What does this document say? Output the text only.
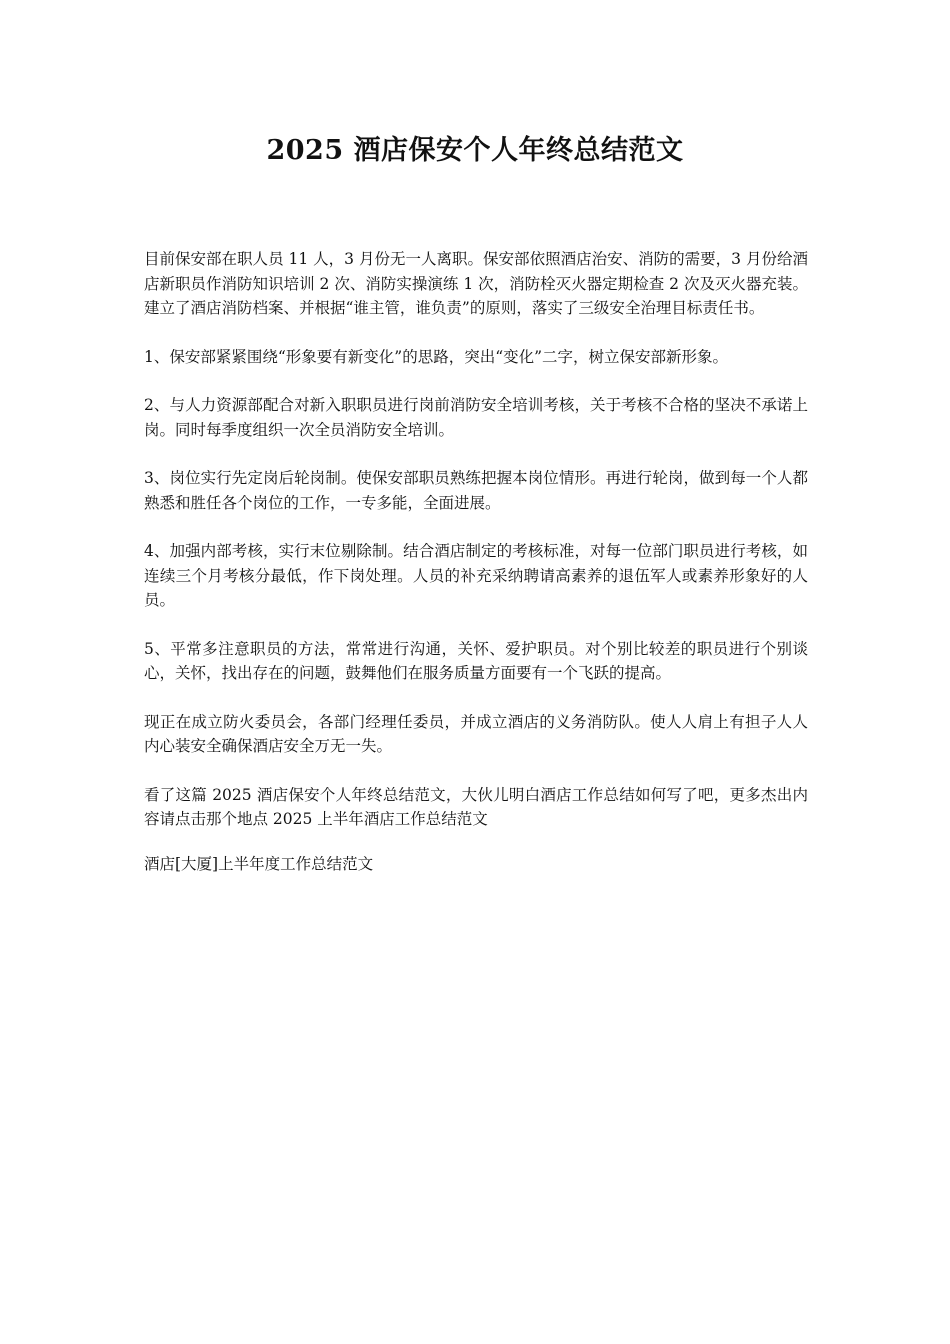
2025 酒店保安个人年终总结范文

目前保安部在职人员 11 人，3 月份无一人离职。保安部依照酒店治安、消防的需要，3 月份给酒店新职员作消防知识培训 2 次、消防实操演练 1 次，消防栓灭火器定期检查 2 次及灭火器充装。建立了酒店消防档案、并根据“谁主管，谁负责”的原则，落实了三级安全治理目标责任书。

1、保安部紧紧围绕“形象要有新变化”的思路，突出“变化”二字，树立保安部新形象。

2、与人力资源部配合对新入职职员进行岗前消防安全培训考核，关于考核不合格的坚决不承诺上岗。同时每季度组织一次全员消防安全培训。

3、岗位实行先定岗后轮岗制。使保安部职员熟练把握本岗位情形。再进行轮岗，做到每一个人都熟悉和胜任各个岗位的工作，一专多能，全面进展。

4、加强内部考核，实行末位剔除制。结合酒店制定的考核标准，对每一位部门职员进行考核，如连续三个月考核分最低，作下岗处理。人员的补充采纳聘请高素养的退伍军人或素养形象好的人员。

5、平常多注意职员的方法，常常进行沟通，关怀、爱护职员。对个别比较差的职员进行个别谈心，关怀，找出存在的问题，鼓舞他们在服务质量方面要有一个飞跃的提高。

现正在成立防火委员会，各部门经理任委员，并成立酒店的义务消防队。使人人肩上有担子人人内心装安全确保酒店安全万无一失。

看了这篇 2025 酒店保安个人年终总结范文，大伙儿明白酒店工作总结如何写了吧，更多杰出内容请点击那个地点 2025 上半年酒店工作总结范文

酒店[大厦]上半年度工作总结范文
